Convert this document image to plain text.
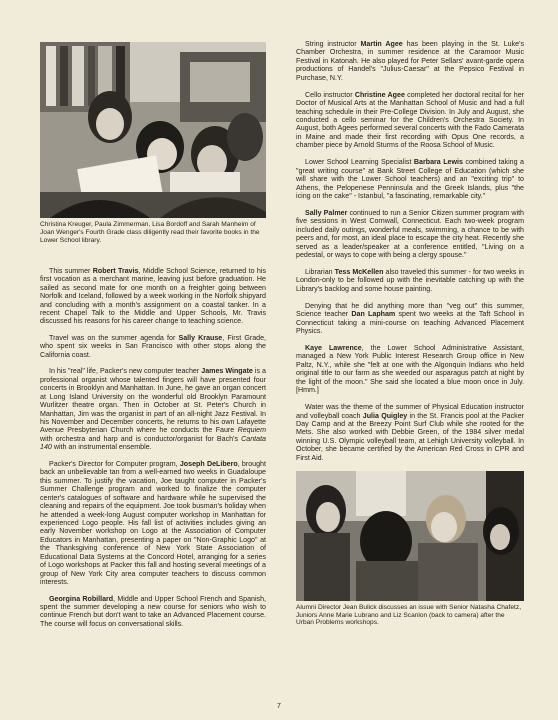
Christina Kreuger, Paula Zimmerman, Lisa Bordoff and Sarah Manheim of Joan Wenger's Fourth Grade class diligently read their favorite books in the Lower School library.

This summer Robert Travis, Middle School Science, returned to his first vocation as a merchant marine, leaving just before graduation. He sailed as second mate for one month on a freighter going between Norfolk and Iceland, followed by a week working in the Norfolk shipyard and concluding with a month's assignment on a coastal tanker. In a recent Chapel Talk to the Middle and Upper Schools, Mr. Travis discussed his reasons for his career change to teaching science.

Travel was on the summer agenda for Sally Krause, First Grade, who spent six weeks in San Francisco with other stops along the California coast.

In his "real" life, Packer's new computer teacher James Wingate is a professional organist whose talented fingers will have presented four concerts in Brooklyn and Manhattan. In June, he gave an organ concert at Long Island University on the wonderful old Brooklyn Paramount Wurlitzer theatre organ. Then in October at St. Peter's Church in Manhattan, Jim was the organist in part of an all-night Jazz Festival. In his November and December concerts, he returns to his own Lafayette Avenue Presbyterian Church where he conducts the Faure Requiem with orchestra and harp and is conductor/organist for Bach's Cantata 140 with an instrumental ensemble.

Packer's Director for Computer program, Joseph DeLibero, brought back an unbelievable tan from a well-earned two weeks in Guadaloupe this summer. To justify the vacation, Joe taught computer in Packer's Summer Challenge program and worked to finalize the computer center's catalogues of software and hardware while he supervised the cleaning and repairs of the equipment. Joe took busman's holiday when he attended a week-long August computer workshop in Manhattan for experienced Logo people. His fall list of activities includes giving an early November workshop on Logo at the Association of Computer Educators in Manhattan, presenting a paper on "Non-Graphic Logo" at the Thanksgiving conference of New York State Association of Educational Data Systems at the Concord Hotel, arranging for a series of Logo workshops at Packer this fall and hosting several meetings of a group of New York City area computer teachers to discuss common interests.

Georgina Robillard, Middle and Upper School French and Spanish, spent the summer developing a new course for seniors who wish to continue French but don't want to take an Advanced Placement course. The course will focus on conversational skills.

String instructor Martin Agee has been playing in the St. Luke's Chamber Orchestra, in summer residence at the Caramoor Music Festival in Katonah. He also played for Peter Sellars' avant-garde opera productions of Handel's "Julius-Caesar" at the Pepsico Festival in Purchase, N.Y.

Cello instructor Christine Agee completed her doctoral recital for her Doctor of Musical Arts at the Manhattan School of Music and had a full teaching schedule in their Pre-College Division. In July and August, she conducted a cello seminar for the Children's Orchestra Society. In August, both Agees performed several concerts with the Fado Camerata in Maine and made their first recording with Opus One records, a chamber piece by Arnold Sturms of the Roosa School of Music.

Lower School Learning Specialist Barbara Lewis combined taking a "great writing course" at Bank Street College of Education (which she will share with the Lower School teachers) and an "exciting trip" to Athens, the Pelopenese Penninsula and the Greek Islands, plus "the icing on the cake" - Istanbul, "a fascinating, remarkable city."

Sally Palmer continued to run a Senior Citizen summer program with five sessions in West Cornwall, Connecticut. Each two-week program included daily outings, wonderful meals, swimming, a chance to be with peers and, for most, an ideal place to escape the city heat. Recently she served as a leader/speaker at a conference entitled, "Living on a pedestal, or ways to cope with being a clergy spouse."

Librarian Tess McKellen also traveled this summer - for two weeks in London-only to be followed up with the inevitable catching up with the Library's backlog and some house painting.

Denying that he did anything more than "veg out" this summer, Science teacher Dan Lapham spent two weeks at the Taft School in Connecticut taking a mini-course on teaching Advanced Placement Physics.

Kaye Lawrence, the Lower School Administrative Assistant, managed a New York Public Interest Research Group office in New Paltz, N.Y., while she "felt at one with the Algonquin Indians who held original title to our farm as she weeded our asparagus patch at night by the light of the moon." She said she located a blue moon once in July. [Hmm.]

Water was the theme of the summer of Physical Education instructor and volleyball coach Julia Quigley in the St. Francis pool at the Packer Day Camp and at the Breezy Point Surf Club while she rooted for the Mets. She also worked with Debbie Green, of the 1984 silver medal winning U.S. Olympic volleyball team, at Lehigh University volleyball. In October, she became certified by the American Red Cross in CPR and First Aid.

Alumni Director Jean Bulick discusses an issue with Senior Natasha Chafetz, Juniors Anne Marie Lubrano and Liz Scanlon (back to camera) after the Urban Problems workshops.

7
